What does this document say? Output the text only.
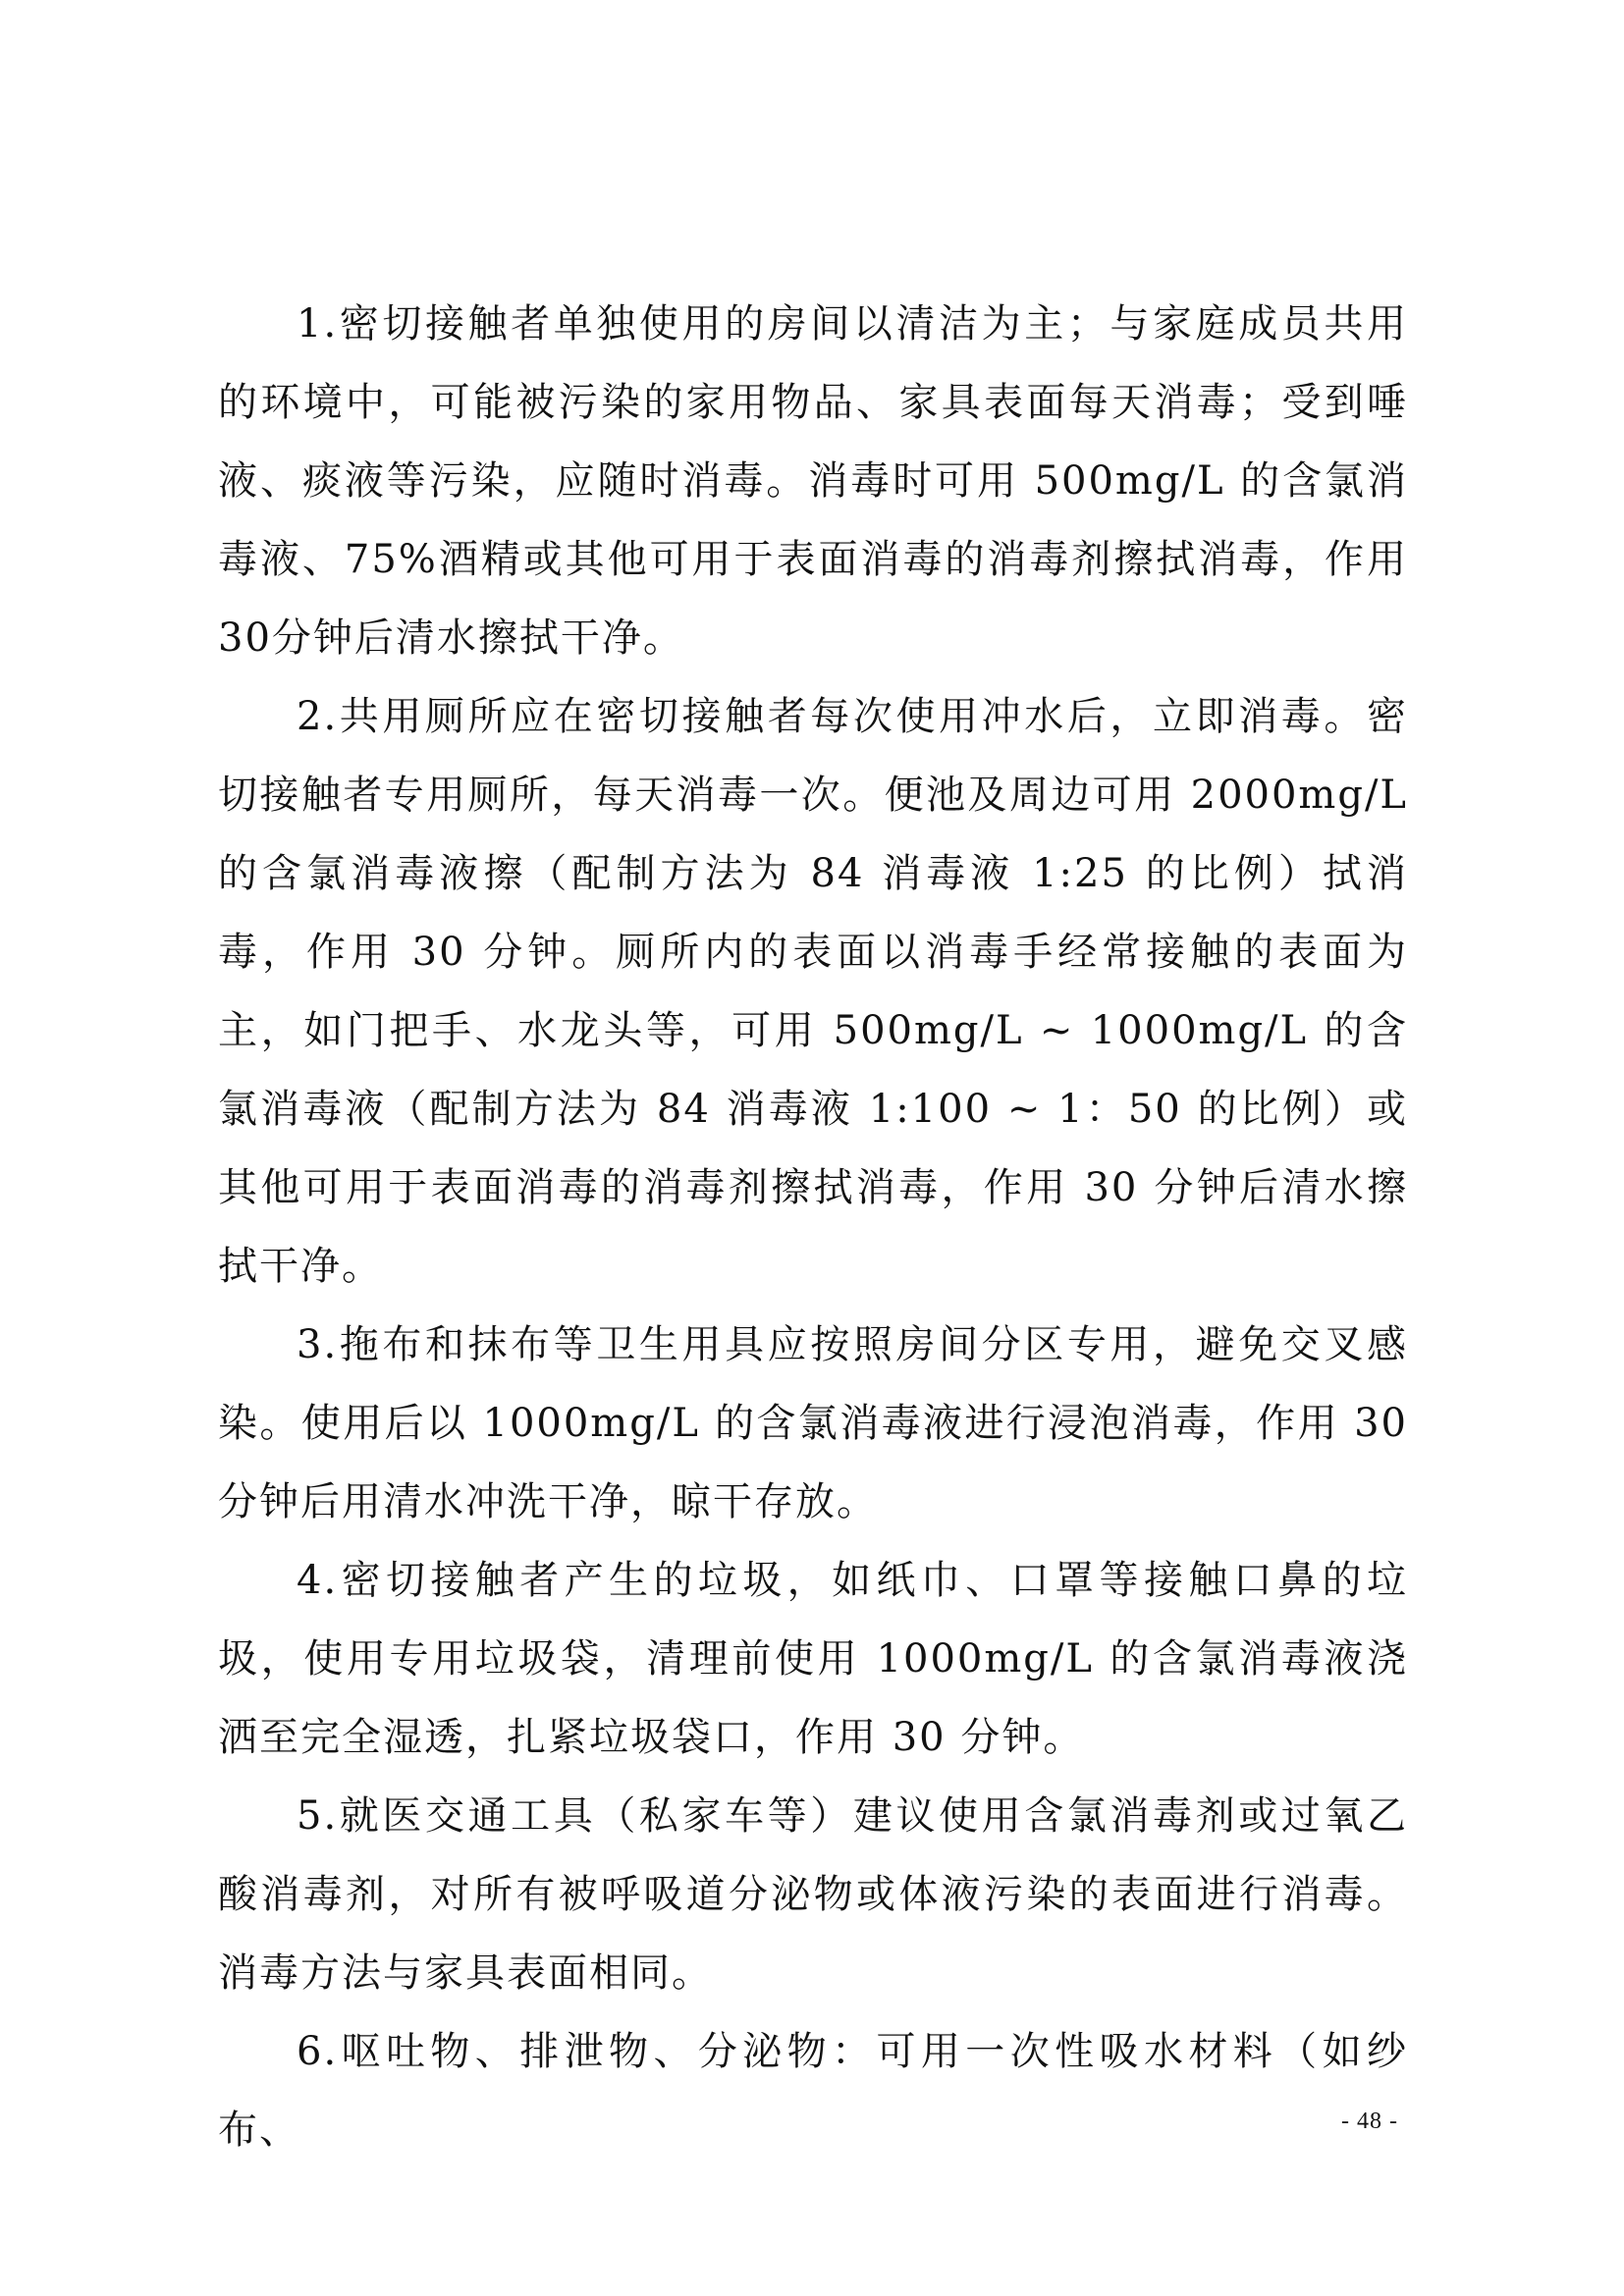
1.密切接触者单独使用的房间以清洁为主；与家庭成员共用的环境中，可能被污染的家用物品、家具表面每天消毒；受到唾液、痰液等污染，应随时消毒。消毒时可用 500mg/L 的含氯消毒液、75%酒精或其他可用于表面消毒的消毒剂擦拭消毒，作用30分钟后清水擦拭干净。

2.共用厕所应在密切接触者每次使用冲水后，立即消毒。密切接触者专用厕所，每天消毒一次。便池及周边可用 2000mg/L 的含氯消毒液擦（配制方法为 84 消毒液 1:25 的比例）拭消毒，作用 30 分钟。厕所内的表面以消毒手经常接触的表面为主，如门把手、水龙头等，可用 500mg/L ~ 1000mg/L 的含氯消毒液（配制方法为 84 消毒液 1:100 ~ 1：50 的比例）或其他可用于表面消毒的消毒剂擦拭消毒，作用 30 分钟后清水擦拭干净。

3.拖布和抹布等卫生用具应按照房间分区专用，避免交叉感染。使用后以 1000mg/L 的含氯消毒液进行浸泡消毒，作用 30 分钟后用清水冲洗干净，晾干存放。

4.密切接触者产生的垃圾，如纸巾、口罩等接触口鼻的垃圾，使用专用垃圾袋，清理前使用 1000mg/L 的含氯消毒液浇洒至完全湿透，扎紧垃圾袋口，作用 30 分钟。

5.就医交通工具（私家车等）建议使用含氯消毒剂或过氧乙酸消毒剂，对所有被呼吸道分泌物或体液污染的表面进行消毒。消毒方法与家具表面相同。

6.呕吐物、排泄物、分泌物：可用一次性吸水材料（如纱布、	- 48 -
